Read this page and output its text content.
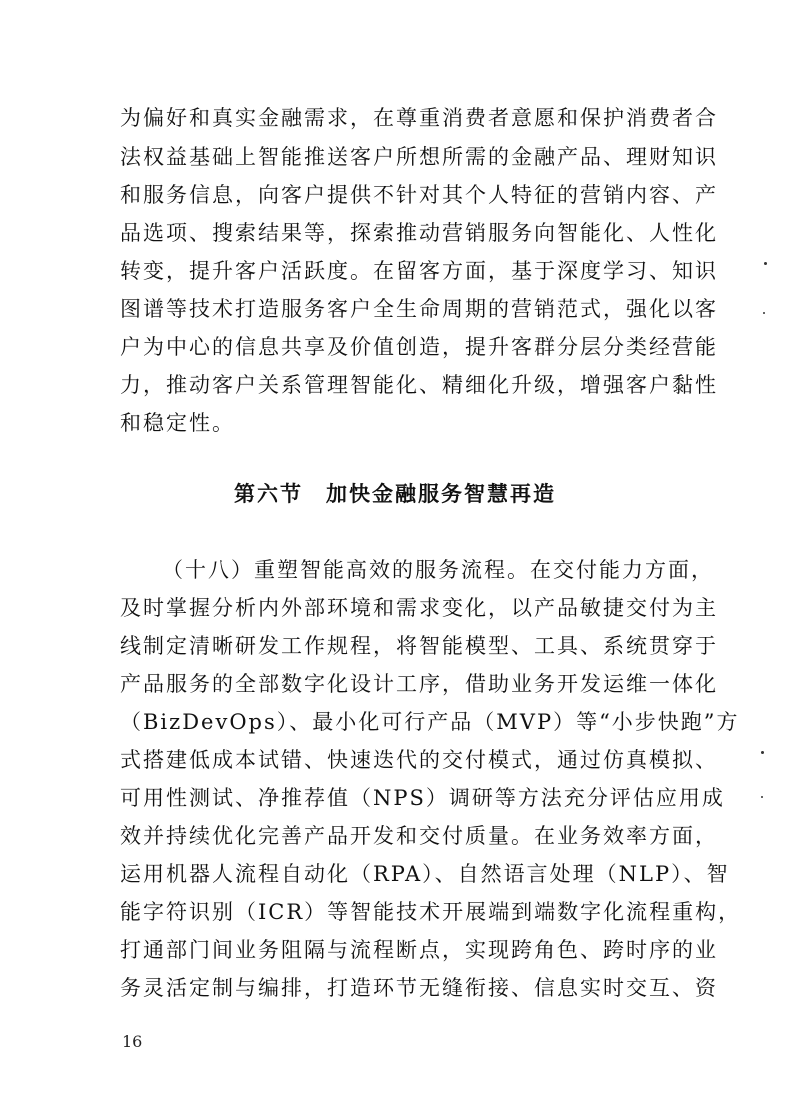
为偏好和真实金融需求，在尊重消费者意愿和保护消费者合
法权益基础上智能推送客户所想所需的金融产品、理财知识
和服务信息，向客户提供不针对其个人特征的营销内容、产
品选项、搜索结果等，探索推动营销服务向智能化、人性化
转变，提升客户活跃度。在留客方面，基于深度学习、知识
图谱等技术打造服务客户全生命周期的营销范式，强化以客
户为中心的信息共享及价值创造，提升客群分层分类经营能
力，推动客户关系管理智能化、精细化升级，增强客户黏性
和稳定性。
第六节　加快金融服务智慧再造
（十八）重塑智能高效的服务流程。在交付能力方面，
及时掌握分析内外部环境和需求变化，以产品敏捷交付为主
线制定清晰研发工作规程，将智能模型、工具、系统贯穿于
产品服务的全部数字化设计工序，借助业务开发运维一体化
（BizDevOps）、最小化可行产品（MVP）等“小步快跑”方
式搭建低成本试错、快速迭代的交付模式，通过仿真模拟、
可用性测试、净推荐值（NPS）调研等方法充分评估应用成
效并持续优化完善产品开发和交付质量。在业务效率方面，
运用机器人流程自动化（RPA）、自然语言处理（NLP）、智
能字符识别（ICR）等智能技术开展端到端数字化流程重构，
打通部门间业务阻隔与流程断点，实现跨角色、跨时序的业
务灵活定制与编排，打造环节无缝衔接、信息实时交互、资
16
